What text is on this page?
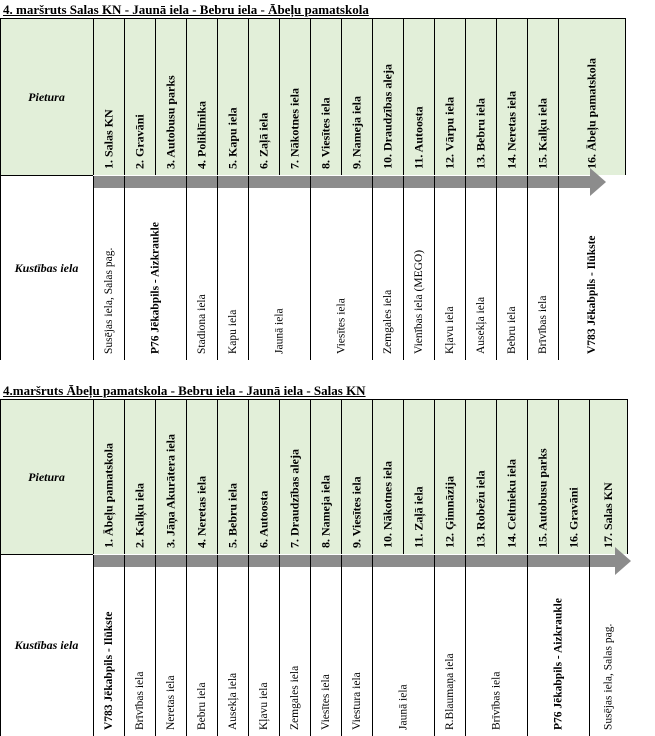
4. maršruts Salas KN - Jaunā iela - Bebru iela - Ābeļu pamatskola
Pietura
Kustības iela
1. Salas KN	2. Gravāni	3. Autobusu parks	4. Poliklīnika	5. Kapu iela	6. Zaļā iela	7. Nākotnes iela	8. Viesītes iela	9. Nameja iela	10. Draudzības aleja	11. Autoosta	12. Vārpu iela	13. Bebru iela	14. Neretas iela	15. Kalķu iela	16. Ābeļu pamatskola
Susējas iela, Salas pag.	P76 Jēkabpils - Aizkraukle	Stadiona iela	Kapu iela	Jaunā iela	Viesītes iela	Zemgales iela	Vienības iela (MEGO)	Kļavu iela	Ausekļa iela	Bebru iela	Brīvības iela	V783 Jēkabpils - Ilūkste
4.maršruts Ābeļu pamatskola - Bebru iela - Jaunā iela - Salas KN
Pietura
Kustības iela
1. Ābeļu pamatskola	2. Kalķu iela	3. Jāņa Akurātera iela	4. Neretas iela	5. Bebru iela	6. Autoosta	7. Draudzības aleja	8. Nameja iela	9. Viesītes iela	10. Nākotnes iela	11. Zaļā iela	12. Ģimnāzija	13. Robežu iela	14. Celtnieku iela	15. Autobusu parks	16. Gravāni	17. Salas KN
V783 Jēkabpils - Ilūkste	Brīvības iela	Neretas iela	Bebru iela	Ausekļa iela	Kļavu iela	Zemgales iela	Viesītes iela	Viestura iela	Jaunā iela	R.Blaumaņa iela	Brīvības iela	P76 Jēkabpils - Aizkraukle	Susējas iela, Salas pag.
